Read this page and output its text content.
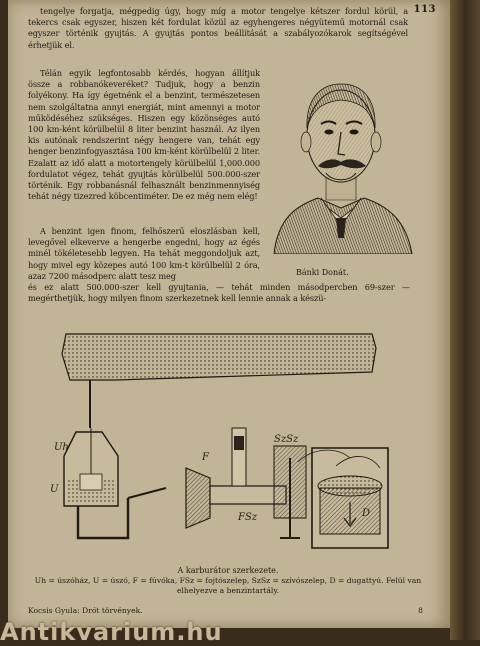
113

tengelye forgatja, mégpedig úgy, hogy míg a motor tengelye kétszer fordul körül, a tekercs csak egyszer, hiszen két fordulat közül az egyhengeres négyütemű motornál csak egyszer történik gyujtás. A gyujtás pontos beállítását a szabályozókarok segítségével érhetjük el.

Télán egyik legfontosabb kérdés, hogyan állítjuk össze a robbanókeveréket? Tudjuk, hogy a benzin folyékony. Ha így égetnénk el a benzint, természetesen nem szolgáltatna annyi energiát, mint amennyi a motor működéséhez szükséges. Hiszen egy közönséges autó 100 km-ként körülbelül 8 liter benzint használ. Az ilyen kis autónak rendszerint négy hengere van, tehát egy henger benzinfogyasztása 100 km-ként körülbelül 2 liter. Ezalatt az idő alatt a motortengely körülbelül 1,000.000 fordulatot végez, tehát gyujtás körülbelül 500.000-szer történik. Egy robbanásnál felhasznált benzinmennyiség tehát négy tizezred köbcentiméter. De ez még nem elég!

A benzint igen finom, felhőszerű eloszlásban kell, levegővel elkeverve a hengerbe engedni, hogy az égés minél tökéletesebb legyen. Ha tehát meggondoljuk azt, hogy mivel egy közepes autó 100 km-t körülbelül 2 óra, azaz 7200 másodperc alatt tesz meg

és ez alatt 500.000-szer kell gyujtania, — tehát minden másodpercben 69-szer — megérthetjük, hogy milyen finom szerkezetnek kell lennie annak a készü-

Bánki Donát.
Uh
U
F
FSz
SzSz
D
A karburátor szerkezete.
Uh = úszóház, U = úszó, F = fúvóka, FSz = fojtószelep, SzSz = szívószelep, D = dugattyú. Felül van elhelyezve a benzintartály.
Kocsis Gyula: Drót törvények.	8
Antikvarium.hu
